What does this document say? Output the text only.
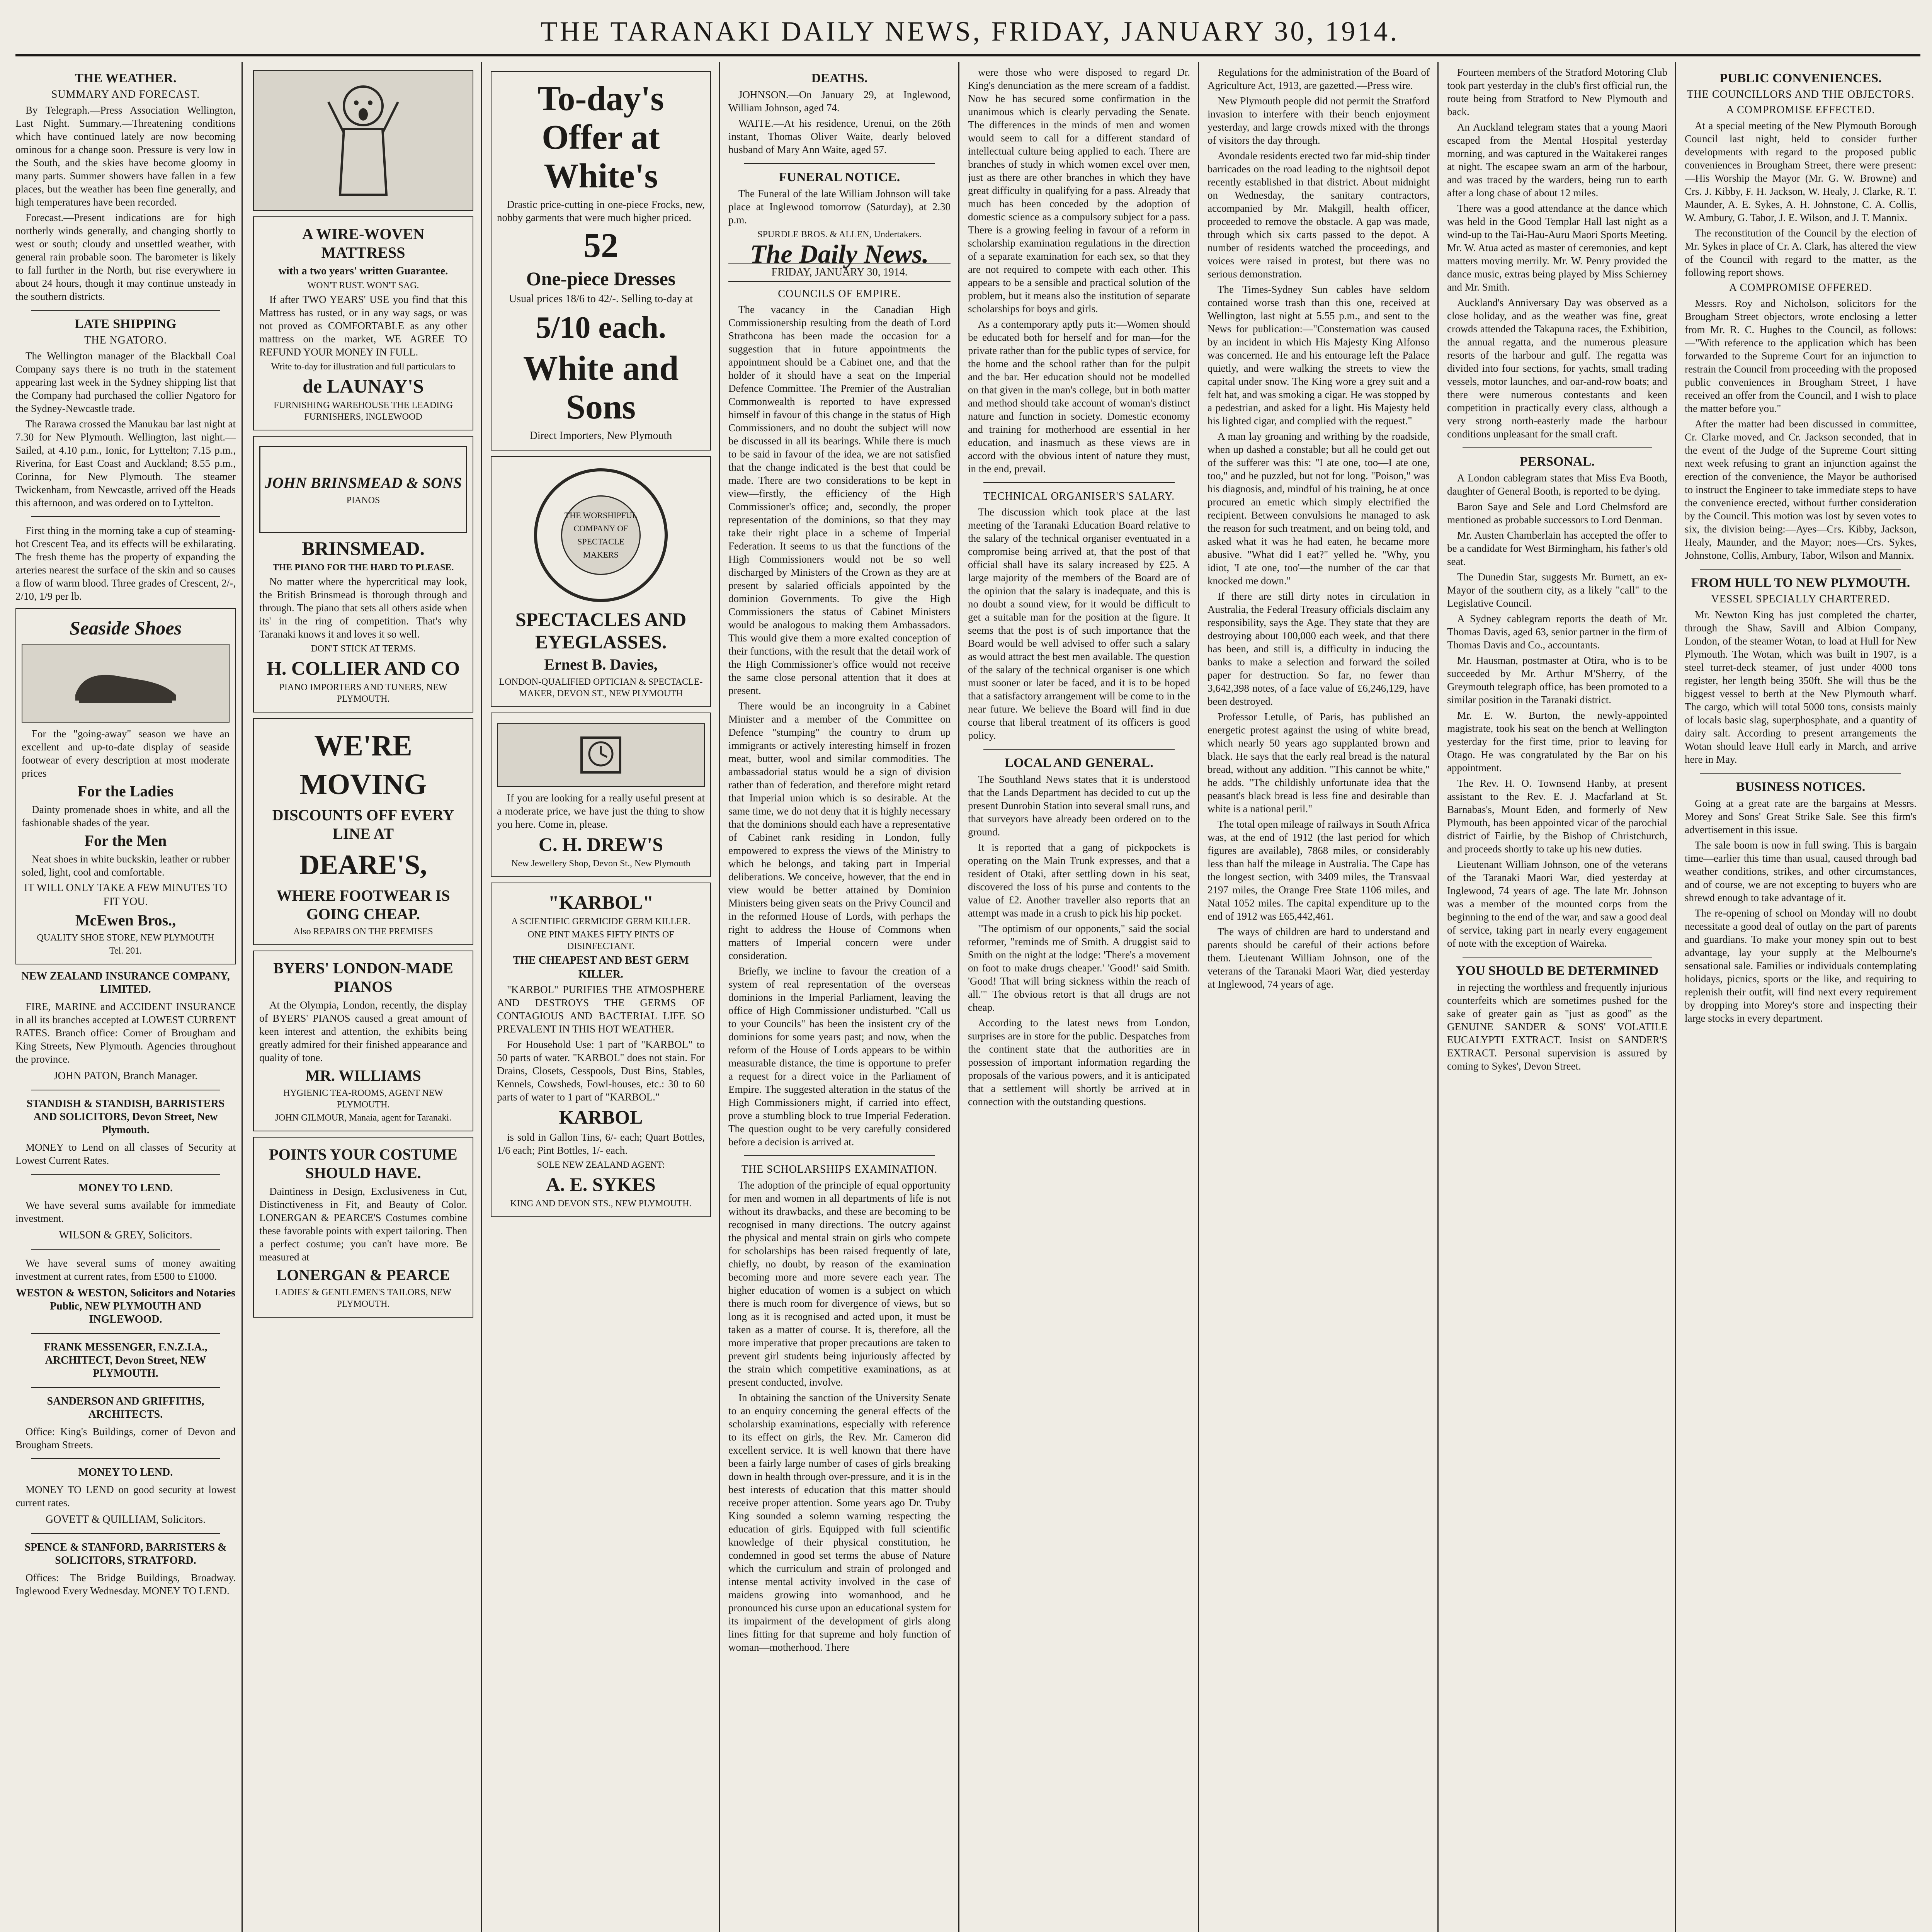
THE TARANAKI DAILY NEWS, FRIDAY, JANUARY 30, 1914.
THE WEATHER.
SUMMARY AND FORECAST.

By Telegraph.—Press Association Wellington, Last Night. Summary.—Threatening conditions which have continued lately are now becoming ominous for a change soon. Pressure is very low in the South, and the skies have become gloomy in many parts. Summer showers have fallen in a few places, but the weather has been fine generally, and high temperatures have been recorded.

Forecast.—Present indications are for high northerly winds generally, and changing shortly to west or south; cloudy and unsettled weather, with general rain probable soon. The barometer is likely to fall further in the North, but rise everywhere in about 24 hours, though it may continue unsteady in the southern districts.

LATE SHIPPING
THE NGATORO.

The Wellington manager of the Blackball Coal Company says there is no truth in the statement appearing last week in the Sydney shipping list that the Company had purchased the collier Ngatoro for the Sydney-Newcastle trade.

The Rarawa crossed the Manukau bar last night at 7.30 for New Plymouth. Wellington, last night.—Sailed, at 4.10 p.m., Ionic, for Lyttelton; 7.15 p.m., Riverina, for East Coast and Auckland; 8.55 p.m., Corinna, for New Plymouth. The steamer Twickenham, from Newcastle, arrived off the Heads this afternoon, and was ordered on to Lyttelton.

First thing in the morning take a cup of steaming-hot Crescent Tea, and its effects will be exhilarating. The fresh theme has the property of expanding the arteries nearest the surface of the skin and so causes a flow of warm blood. Three grades of Crescent, 2/-, 2/10, 1/9 per lb.

Seaside Shoes

For the "going-away" season we have an excellent and up-to-date display of seaside footwear of every description at most moderate prices

For the Ladies

Dainty promenade shoes in white, and all the fashionable shades of the year.

For the Men

Neat shoes in white buckskin, leather or rubber soled, light, cool and comfortable.

IT WILL ONLY TAKE A FEW MINUTES TO FIT YOU.
McEwen Bros.,
QUALITY SHOE STORE, NEW PLYMOUTH
Tel. 201.
NEW ZEALAND INSURANCE COMPANY, LIMITED.

FIRE, MARINE and ACCIDENT INSURANCE in all its branches accepted at LOWEST CURRENT RATES. Branch office: Corner of Brougham and King Streets, New Plymouth. Agencies throughout the province.

JOHN PATON, Branch Manager.
STANDISH & STANDISH, BARRISTERS AND SOLICITORS, Devon Street, New Plymouth.

MONEY to Lend on all classes of Security at Lowest Current Rates.

MONEY TO LEND.

We have several sums available for immediate investment.

WILSON & GREY, Solicitors.

We have several sums of money awaiting investment at current rates, from £500 to £1000.

WESTON & WESTON, Solicitors and Notaries Public, NEW PLYMOUTH AND INGLEWOOD.
FRANK MESSENGER, F.N.Z.I.A., ARCHITECT, Devon Street, NEW PLYMOUTH.
SANDERSON AND GRIFFITHS, ARCHITECTS.

Office: King's Buildings, corner of Devon and Brougham Streets.

MONEY TO LEND.

MONEY TO LEND on good security at lowest current rates.

GOVETT & QUILLIAM, Solicitors.
SPENCE & STANFORD, BARRISTERS & SOLICITORS, STRATFORD.

Offices: The Bridge Buildings, Broadway. Inglewood Every Wednesday. MONEY TO LEND.

A WIRE-WOVEN MATTRESS
with a two years' written Guarantee.
WON'T RUST. WON'T SAG.

If after TWO YEARS' USE you find that this Mattress has rusted, or in any way sags, or was not proved as COMFORTABLE as any other mattress on the market, WE AGREE TO REFUND YOUR MONEY IN FULL.

Write to-day for illustration and full particulars to
de LAUNAY'S
FURNISHING WAREHOUSE THE LEADING FURNISHERS, INGLEWOOD
JOHN BRINSMEAD & SONS
PIANOS
BRINSMEAD.
THE PIANO FOR THE HARD TO PLEASE.

No matter where the hypercritical may look, the British Brinsmead is thorough through and through. The piano that sets all others aside when its' in the ring of competition. That's why Taranaki knows it and loves it so well.

DON'T STICK AT TERMS.
H. COLLIER AND CO
PIANO IMPORTERS AND TUNERS, NEW PLYMOUTH.
WE'RE MOVING
DISCOUNTS OFF EVERY LINE AT
DEARE'S,
WHERE FOOTWEAR IS GOING CHEAP.
Also REPAIRS ON THE PREMISES
BYERS' LONDON-MADE PIANOS

At the Olympia, London, recently, the display of BYERS' PIANOS caused a great amount of keen interest and attention, the exhibits being greatly admired for their finished appearance and quality of tone.

MR. WILLIAMS
HYGIENIC TEA-ROOMS, AGENT NEW PLYMOUTH.
JOHN GILMOUR, Manaia, agent for Taranaki.
POINTS YOUR COSTUME SHOULD HAVE.

Daintiness in Design, Exclusiveness in Cut, Distinctiveness in Fit, and Beauty of Color. LONERGAN & PEARCE'S Costumes combine these favorable points with expert tailoring. Then a perfect costume; you can't have more. Be measured at

LONERGAN & PEARCE
LADIES' & GENTLEMEN'S TAILORS, NEW PLYMOUTH.
To-day's Offer at White's

Drastic price-cutting in one-piece Frocks, new, nobby garments that were much higher priced.

52
One-piece Dresses
Usual prices 18/6 to 42/-. Selling to-day at
5/10 each.
White and Sons
Direct Importers, New Plymouth
THE WORSHIPFUL COMPANY OF SPECTACLE MAKERS
SPECTACLES AND EYEGLASSES.
Ernest B. Davies,
LONDON-QUALIFIED OPTICIAN & SPECTACLE-MAKER, DEVON ST., NEW PLYMOUTH

If you are looking for a really useful present at a moderate price, we have just the thing to show you here. Come in, please.

C. H. DREW'S
New Jewellery Shop, Devon St., New Plymouth
"KARBOL"
A SCIENTIFIC GERMICIDE GERM KILLER.
ONE PINT MAKES FIFTY PINTS OF DISINFECTANT.
THE CHEAPEST AND BEST GERM KILLER.

"KARBOL" PURIFIES THE ATMOSPHERE AND DESTROYS THE GERMS OF CONTAGIOUS AND BACTERIAL LIFE SO PREVALENT IN THIS HOT WEATHER.

For Household Use: 1 part of "KARBOL" to 50 parts of water. "KARBOL" does not stain. For Drains, Closets, Cesspools, Dust Bins, Stables, Kennels, Cowsheds, Fowl-houses, etc.: 30 to 60 parts of water to 1 part of "KARBOL."

KARBOL

is sold in Gallon Tins, 6/- each; Quart Bottles, 1/6 each; Pint Bottles, 1/- each.

SOLE NEW ZEALAND AGENT:
A. E. SYKES
KING AND DEVON STS., NEW PLYMOUTH.
DEATHS.

JOHNSON.—On January 29, at Inglewood, William Johnson, aged 74.

WAITE.—At his residence, Urenui, on the 26th instant, Thomas Oliver Waite, dearly beloved husband of Mary Ann Waite, aged 57.

FUNERAL NOTICE.

The Funeral of the late William Johnson will take place at Inglewood tomorrow (Saturday), at 2.30 p.m.

SPURDLE BROS. & ALLEN, Undertakers.
The Daily News.
FRIDAY, JANUARY 30, 1914.
COUNCILS OF EMPIRE.

The vacancy in the Canadian High Commissionership resulting from the death of Lord Strathcona has been made the occasion for a suggestion that in future appointments the appointment should be a Cabinet one, and that the holder of it should have a seat on the Imperial Defence Committee. The Premier of the Australian Commonwealth is reported to have expressed himself in favour of this change in the status of High Commissioners, and no doubt the subject will now be discussed in all its bearings. While there is much to be said in favour of the idea, we are not satisfied that the change indicated is the best that could be made. There are two considerations to be kept in view—firstly, the efficiency of the High Commissioner's office; and, secondly, the proper representation of the dominions, so that they may take their right place in a scheme of Imperial Federation. It seems to us that the functions of the High Commissioners would not be so well discharged by Ministers of the Crown as they are at present by salaried officials appointed by the dominion Governments. To give the High Commissioners the status of Cabinet Ministers would be analogous to making them Ambassadors. This would give them a more exalted conception of their functions, with the result that the detail work of the High Commissioner's office would not receive the same close personal attention that it does at present.

There would be an incongruity in a Cabinet Minister and a member of the Committee on Defence "stumping" the country to drum up immigrants or actively interesting himself in frozen meat, butter, wool and similar commodities. The ambassadorial status would be a sign of division rather than of federation, and therefore might retard that Imperial union which is so desirable. At the same time, we do not deny that it is highly necessary that the dominions should each have a representative of Cabinet rank residing in London, fully empowered to express the views of the Ministry to which he belongs, and taking part in Imperial deliberations. We conceive, however, that the end in view would be better attained by Dominion Ministers being given seats on the Privy Council and in the reformed House of Lords, with perhaps the right to address the House of Commons when matters of Imperial concern were under consideration.

Briefly, we incline to favour the creation of a system of real representation of the overseas dominions in the Imperial Parliament, leaving the office of High Commissioner undisturbed. "Call us to your Councils" has been the insistent cry of the dominions for some years past; and now, when the reform of the House of Lords appears to be within measurable distance, the time is opportune to prefer a request for a direct voice in the Parliament of Empire. The suggested alteration in the status of the High Commissioners might, if carried into effect, prove a stumbling block to true Imperial Federation. The question ought to be very carefully considered before a decision is arrived at.

THE SCHOLARSHIPS EXAMINATION.

The adoption of the principle of equal opportunity for men and women in all departments of life is not without its drawbacks, and these are becoming to be recognised in many directions. The outcry against the physical and mental strain on girls who compete for scholarships has been raised frequently of late, chiefly, no doubt, by reason of the examination becoming more and more severe each year. The higher education of women is a subject on which there is much room for divergence of views, but so long as it is recognised and acted upon, it must be taken as a matter of course. It is, therefore, all the more imperative that proper precautions are taken to prevent girl students being injuriously affected by the strain which competitive examinations, as at present conducted, involve.

In obtaining the sanction of the University Senate to an enquiry concerning the general effects of the scholarship examinations, especially with reference to its effect on girls, the Rev. Mr. Cameron did excellent service. It is well known that there have been a fairly large number of cases of girls breaking down in health through over-pressure, and it is in the best interests of education that this matter should receive proper attention. Some years ago Dr. Truby King sounded a solemn warning respecting the education of girls. Equipped with full scientific knowledge of their physical constitution, he condemned in good set terms the abuse of Nature which the curriculum and strain of prolonged and intense mental activity involved in the case of maidens growing into womanhood, and he pronounced his curse upon an educational system for its impairment of the development of girls along lines fitting for that supreme and holy function of woman—motherhood. There

were those who were disposed to regard Dr. King's denunciation as the mere scream of a faddist. Now he has secured some confirmation in the unanimous which is clearly pervading the Senate. The differences in the minds of men and women would seem to call for a different standard of intellectual culture being applied to each. There are branches of study in which women excel over men, just as there are other branches in which they have great difficulty in qualifying for a pass. Already that much has been conceded by the adoption of domestic science as a compulsory subject for a pass. There is a growing feeling in favour of a reform in scholarship examination regulations in the direction of a separate examination for each sex, so that they are not required to compete with each other. This appears to be a sensible and practical solution of the problem, but it means also the institution of separate scholarships for boys and girls.

As a contemporary aptly puts it:—Women should be educated both for herself and for man—for the private rather than for the public types of service, for the home and the school rather than for the pulpit and the bar. Her education should not be modelled on that given in the man's college, but in both matter and method should take account of woman's distinct nature and function in society. Domestic economy and training for motherhood are essential in her education, and inasmuch as these views are in accord with the obvious intent of nature they must, in the end, prevail.

TECHNICAL ORGANISER'S SALARY.

The discussion which took place at the last meeting of the Taranaki Education Board relative to the salary of the technical organiser eventuated in a compromise being arrived at, that the post of that official shall have its salary increased by £25. A large majority of the members of the Board are of the opinion that the salary is inadequate, and this is no doubt a sound view, for it would be difficult to get a suitable man for the position at the figure. It seems that the post is of such importance that the Board would be well advised to offer such a salary as would attract the best men available. The question of the salary of the technical organiser is one which must sooner or later be faced, and it is to be hoped that a satisfactory arrangement will be come to in the near future. We believe the Board will find in due course that liberal treatment of its officers is good policy.

LOCAL AND GENERAL.

The Southland News states that it is understood that the Lands Department has decided to cut up the present Dunrobin Station into several small runs, and that surveyors have already been ordered on to the ground.

It is reported that a gang of pickpockets is operating on the Main Trunk expresses, and that a resident of Otaki, after settling down in his seat, discovered the loss of his purse and contents to the value of £2. Another traveller also reports that an attempt was made in a crush to pick his hip pocket.

"The optimism of our opponents," said the social reformer, "reminds me of Smith. A druggist said to Smith on the night at the lodge: 'There's a movement on foot to make drugs cheaper.' 'Good!' said Smith. 'Good! That will bring sickness within the reach of all.'" The obvious retort is that all drugs are not cheap.

According to the latest news from London, surprises are in store for the public. Despatches from the continent state that the authorities are in possession of important information regarding the proposals of the various powers, and it is anticipated that a settlement will shortly be arrived at in connection with the outstanding questions.

Regulations for the administration of the Board of Agriculture Act, 1913, are gazetted.—Press wire.

New Plymouth people did not permit the Stratford invasion to interfere with their bench enjoyment yesterday, and large crowds mixed with the throngs of visitors the day through.

Avondale residents erected two far mid-ship tinder barricades on the road leading to the nightsoil depot recently established in that district. About midnight on Wednesday, the sanitary contractors, accompanied by Mr. Makgill, health officer, proceeded to remove the obstacle. A gap was made, through which six carts passed to the depot. A number of residents watched the proceedings, and voices were raised in protest, but there was no serious demonstration.

The Times-Sydney Sun cables have seldom contained worse trash than this one, received at Wellington, last night at 5.55 p.m., and sent to the News for publication:—"Consternation was caused by an incident in which His Majesty King Alfonso was concerned. He and his entourage left the Palace quietly, and were walking the streets to view the capital under snow. The King wore a grey suit and a felt hat, and was smoking a cigar. He was stopped by a pedestrian, and asked for a light. His Majesty held his lighted cigar, and complied with the request."

A man lay groaning and writhing by the roadside, when up dashed a constable; but all he could get out of the sufferer was this: "I ate one, too—I ate one, too," and he puzzled, but not for long. "Poison," was his diagnosis, and, mindful of his training, he at once procured an emetic which simply electrified the recipient. Between convulsions he managed to ask the reason for such treatment, and on being told, and asked what it was he had eaten, he became more abusive. "What did I eat?" yelled he. "Why, you idiot, 'I ate one, too'—the number of the car that knocked me down."

If there are still dirty notes in circulation in Australia, the Federal Treasury officials disclaim any responsibility, says the Age. They state that they are destroying about 100,000 each week, and that there has been, and still is, a difficulty in inducing the banks to make a selection and forward the soiled paper for destruction. So far, no fewer than 3,642,398 notes, of a face value of £6,246,129, have been destroyed.

Professor Letulle, of Paris, has published an energetic protest against the using of white bread, which nearly 50 years ago supplanted brown and black. He says that the early real bread is the natural bread, without any addition. "This cannot be white," he adds. "The childishly unfortunate idea that the peasant's black bread is less fine and desirable than white is a national peril."

The total open mileage of railways in South Africa was, at the end of 1912 (the last period for which figures are available), 7868 miles, or considerably less than half the mileage in Australia. The Cape has the longest section, with 3409 miles, the Transvaal 2197 miles, the Orange Free State 1106 miles, and Natal 1052 miles. The capital expenditure up to the end of 1912 was £65,442,461.

The ways of children are hard to understand and parents should be careful of their actions before them. Lieutenant William Johnson, one of the veterans of the Taranaki Maori War, died yesterday at Inglewood, 74 years of age.

Fourteen members of the Stratford Motoring Club took part yesterday in the club's first official run, the route being from Stratford to New Plymouth and back.

An Auckland telegram states that a young Maori escaped from the Mental Hospital yesterday morning, and was captured in the Waitakerei ranges at night. The escapee swam an arm of the harbour, and was traced by the warders, being run to earth after a long chase of about 12 miles.

There was a good attendance at the dance which was held in the Good Templar Hall last night as a wind-up to the Tai-Hau-Auru Maori Sports Meeting. Mr. W. Atua acted as master of ceremonies, and kept matters moving merrily. Mr. W. Penry provided the dance music, extras being played by Miss Schierney and Mr. Smith.

Auckland's Anniversary Day was observed as a close holiday, and as the weather was fine, great crowds attended the Takapuna races, the Exhibition, the annual regatta, and the numerous pleasure resorts of the harbour and gulf. The regatta was divided into four sections, for yachts, small trading vessels, motor launches, and oar-and-row boats; and there were numerous contestants and keen competition in practically every class, although a very strong north-easterly made the harbour conditions unpleasant for the small craft.

PERSONAL.

A London cablegram states that Miss Eva Booth, daughter of General Booth, is reported to be dying.

Baron Saye and Sele and Lord Chelmsford are mentioned as probable successors to Lord Denman.

Mr. Austen Chamberlain has accepted the offer to be a candidate for West Birmingham, his father's old seat.

The Dunedin Star, suggests Mr. Burnett, an ex-Mayor of the southern city, as a likely "call" to the Legislative Council.

A Sydney cablegram reports the death of Mr. Thomas Davis, aged 63, senior partner in the firm of Thomas Davis and Co., accountants.

Mr. Hausman, postmaster at Otira, who is to be succeeded by Mr. Arthur M'Sherry, of the Greymouth telegraph office, has been promoted to a similar position in the Taranaki district.

Mr. E. W. Burton, the newly-appointed magistrate, took his seat on the bench at Wellington yesterday for the first time, prior to leaving for Otago. He was congratulated by the Bar on his appointment.

The Rev. H. O. Townsend Hanby, at present assistant to the Rev. E. J. Macfarland at St. Barnabas's, Mount Eden, and formerly of New Plymouth, has been appointed vicar of the parochial district of Fairlie, by the Bishop of Christchurch, and proceeds shortly to take up his new duties.

Lieutenant William Johnson, one of the veterans of the Taranaki Maori War, died yesterday at Inglewood, 74 years of age. The late Mr. Johnson was a member of the mounted corps from the beginning to the end of the war, and saw a good deal of service, taking part in nearly every engagement of note with the exception of Waireka.

YOU SHOULD BE DETERMINED

in rejecting the worthless and frequently injurious counterfeits which are sometimes pushed for the sake of greater gain as "just as good" as the GENUINE SANDER & SONS' VOLATILE EUCALYPTI EXTRACT. Insist on SANDER'S EXTRACT. Personal supervision is assured by coming to Sykes', Devon Street.

PUBLIC CONVENIENCES.
THE COUNCILLORS AND THE OBJECTORS.
A COMPROMISE EFFECTED.

At a special meeting of the New Plymouth Borough Council last night, held to consider further developments with regard to the proposed public conveniences in Brougham Street, there were present:—His Worship the Mayor (Mr. G. W. Browne) and Crs. J. Kibby, F. H. Jackson, W. Healy, J. Clarke, R. T. Maunder, A. E. Sykes, A. H. Johnstone, C. A. Collis, W. Ambury, G. Tabor, J. E. Wilson, and J. T. Mannix.

The reconstitution of the Council by the election of Mr. Sykes in place of Cr. A. Clark, has altered the view of the Council with regard to the matter, as the following report shows.

A COMPROMISE OFFERED.

Messrs. Roy and Nicholson, solicitors for the Brougham Street objectors, wrote enclosing a letter from Mr. R. C. Hughes to the Council, as follows:—"With reference to the application which has been forwarded to the Supreme Court for an injunction to restrain the Council from proceeding with the proposed public conveniences in Brougham Street, I have received an offer from the Council, and I wish to place the matter before you."

After the matter had been discussed in committee, Cr. Clarke moved, and Cr. Jackson seconded, that in the event of the Judge of the Supreme Court sitting next week refusing to grant an injunction against the erection of the convenience, the Mayor be authorised to instruct the Engineer to take immediate steps to have the convenience erected, without further consideration by the Council. This motion was lost by seven votes to six, the division being:—Ayes—Crs. Kibby, Jackson, Healy, Maunder, and the Mayor; noes—Crs. Sykes, Johnstone, Collis, Ambury, Tabor, Wilson and Mannix.

FROM HULL TO NEW PLYMOUTH.
VESSEL SPECIALLY CHARTERED.

Mr. Newton King has just completed the charter, through the Shaw, Savill and Albion Company, London, of the steamer Wotan, to load at Hull for New Plymouth. The Wotan, which was built in 1907, is a steel turret-deck steamer, of just under 4000 tons register, her length being 350ft. She will thus be the biggest vessel to berth at the New Plymouth wharf. The cargo, which will total 5000 tons, consists mainly of locals basic slag, superphosphate, and a quantity of dairy salt. According to present arrangements the Wotan should leave Hull early in March, and arrive here in May.

BUSINESS NOTICES.

Going at a great rate are the bargains at Messrs. Morey and Sons' Great Strike Sale. See this firm's advertisement in this issue.

The sale boom is now in full swing. This is bargain time—earlier this time than usual, caused through bad weather conditions, strikes, and other circumstances, and of course, we are not excepting to buyers who are shrewd enough to take advantage of it.

The re-opening of school on Monday will no doubt necessitate a good deal of outlay on the part of parents and guardians. To make your money spin out to best advantage, lay your supply at the Melbourne's sensational sale. Families or individuals contemplating holidays, picnics, sports or the like, and requiring to replenish their outfit, will find next every requirement by dropping into Morey's store and inspecting their large stocks in every department.
